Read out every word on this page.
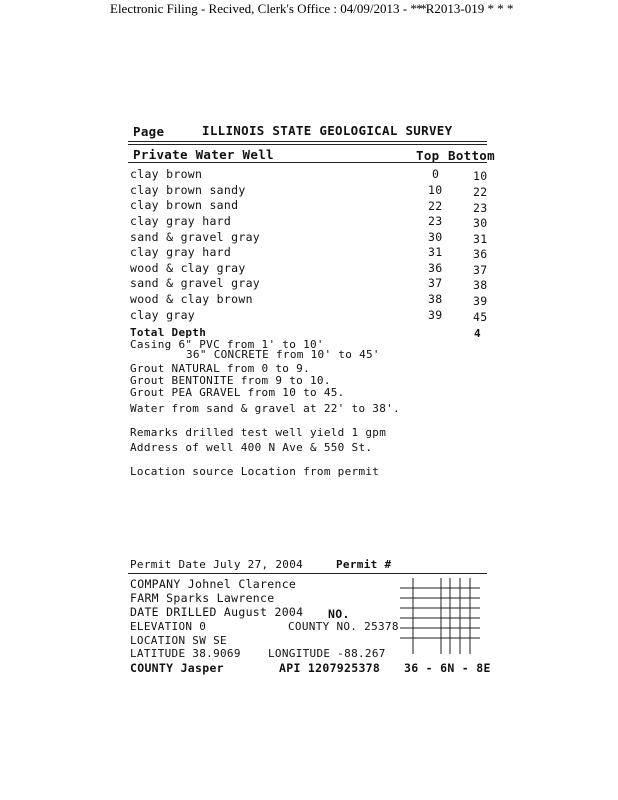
Electronic Filing - Recived, Clerk's Office : 04/09/2013 - * *
* R2013-019 * * *
Page	ILLINOIS STATE GEOLOGICAL SURVEY
Private Water Well	Top Bottom
clay brown	0	10
clay brown sandy	10	22
clay brown sand	22	23
clay gray hard	23	30
sand & gravel gray	30	31
clay gray hard	31	36
wood & clay gray	36	37
sand & gravel gray	37	38
wood & clay brown	38	39
clay gray	39	45
Total Depth	4
Casing 6" PVC from 1' to 10'
36" CONCRETE from 10' to 45'
Grout NATURAL from 0 to 9.
Grout BENTONITE from 9 to 10.
Grout PEA GRAVEL from 10 to 45.
Water from sand & gravel at 22' to 38'.
Remarks drilled test well yield 1 gpm
Address of well 400 N Ave & 550 St.
Location source Location from permit
Permit Date July 27, 2004	Permit #
COMPANY Johnel Clarence
FARM Sparks Lawrence
DATE DRILLED August 2004 NO.
ELEVATION 0	COUNTY NO. 25378
LOCATION SW SE
LATITUDE 38.9069 LONGITUDE -88.267
COUNTY Jasper	API 1207925378 36 - 6N - 8E
